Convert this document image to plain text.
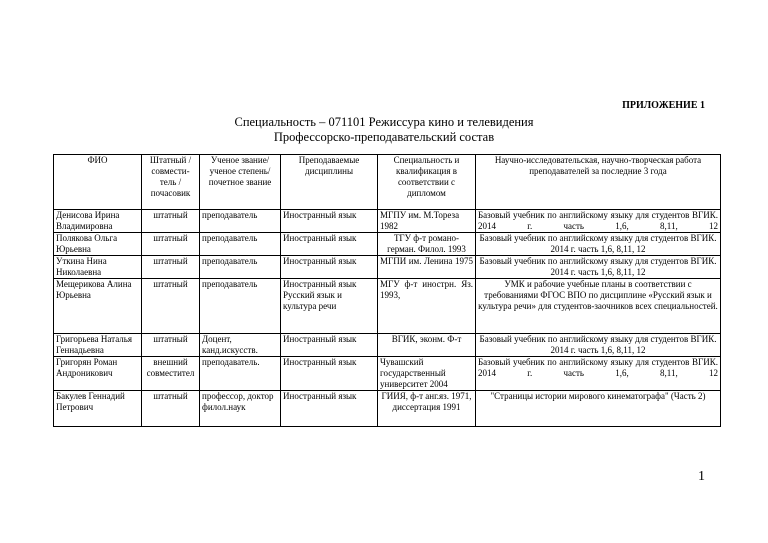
ПРИЛОЖЕНИЕ 1
Специальность – 071101 Режиссура кино и телевидения
Профессорско-преподавательский состав
ФИО	Штатный / совмести-тель / почасовик	Ученое звание/ ученое степень/ почетное звание	Преподаваемые дисциплины	Специальность и квалификация в соответствии с дипломом	Научно-исследовательская, научно-творческая работа преподавателей за последние 3 года
Денисова Ирина Владимировна	штатный	преподаватель	Иностранный язык	МГПУ им. М.Тореза 1982	Базовый учебник по английскому языку для студентов ВГИК. 2014 г. часть 1,6, 8,11, 12
Полякова Ольга Юрьевна	штатный	преподаватель	Иностранный язык	ТГУ ф-т романо-герман. Филол. 1993	Базовый учебник по английскому языку для студентов ВГИК. 2014 г. часть 1,6, 8,11, 12
Уткина Нина Николаевна	штатный	преподаватель	Иностранный язык	МГПИ им. Ленина 1975	Базовый учебник по английскому языку для студентов ВГИК. 2014 г. часть 1,6, 8,11, 12
Мещерикова Алина Юрьевна	штатный	преподаватель	Иностранный язык Русский язык и культура речи	МГУ ф-т инострн. Яз. 1993,	УМК и рабочие учебные планы в соответствии с требованиями ФГОС ВПО по дисциплине «Русский язык и культура речи» для студентов-заочников всех специальностей.
Григорьева Наталья Геннадьевна	штатный	Доцент, канд.искусств.	Иностранный язык	ВГИК, эконм. Ф-т	Базовый учебник по английскому языку для студентов ВГИК. 2014 г. часть 1,6, 8,11, 12
Григорян Роман Андроникович	внешний совместител	преподаватель.	Иностранный язык	Чувашский государственный университет 2004	Базовый учебник по английскому языку для студентов ВГИК. 2014 г. часть 1,6, 8,11, 12
Бакулев Геннадий Петрович	штатный	профессор, доктор филол.наук	Иностранный язык	ГИИЯ, ф-т анг.яз. 1971, диссертация 1991	"Страницы истории мирового кинематографа" (Часть 2)
1
